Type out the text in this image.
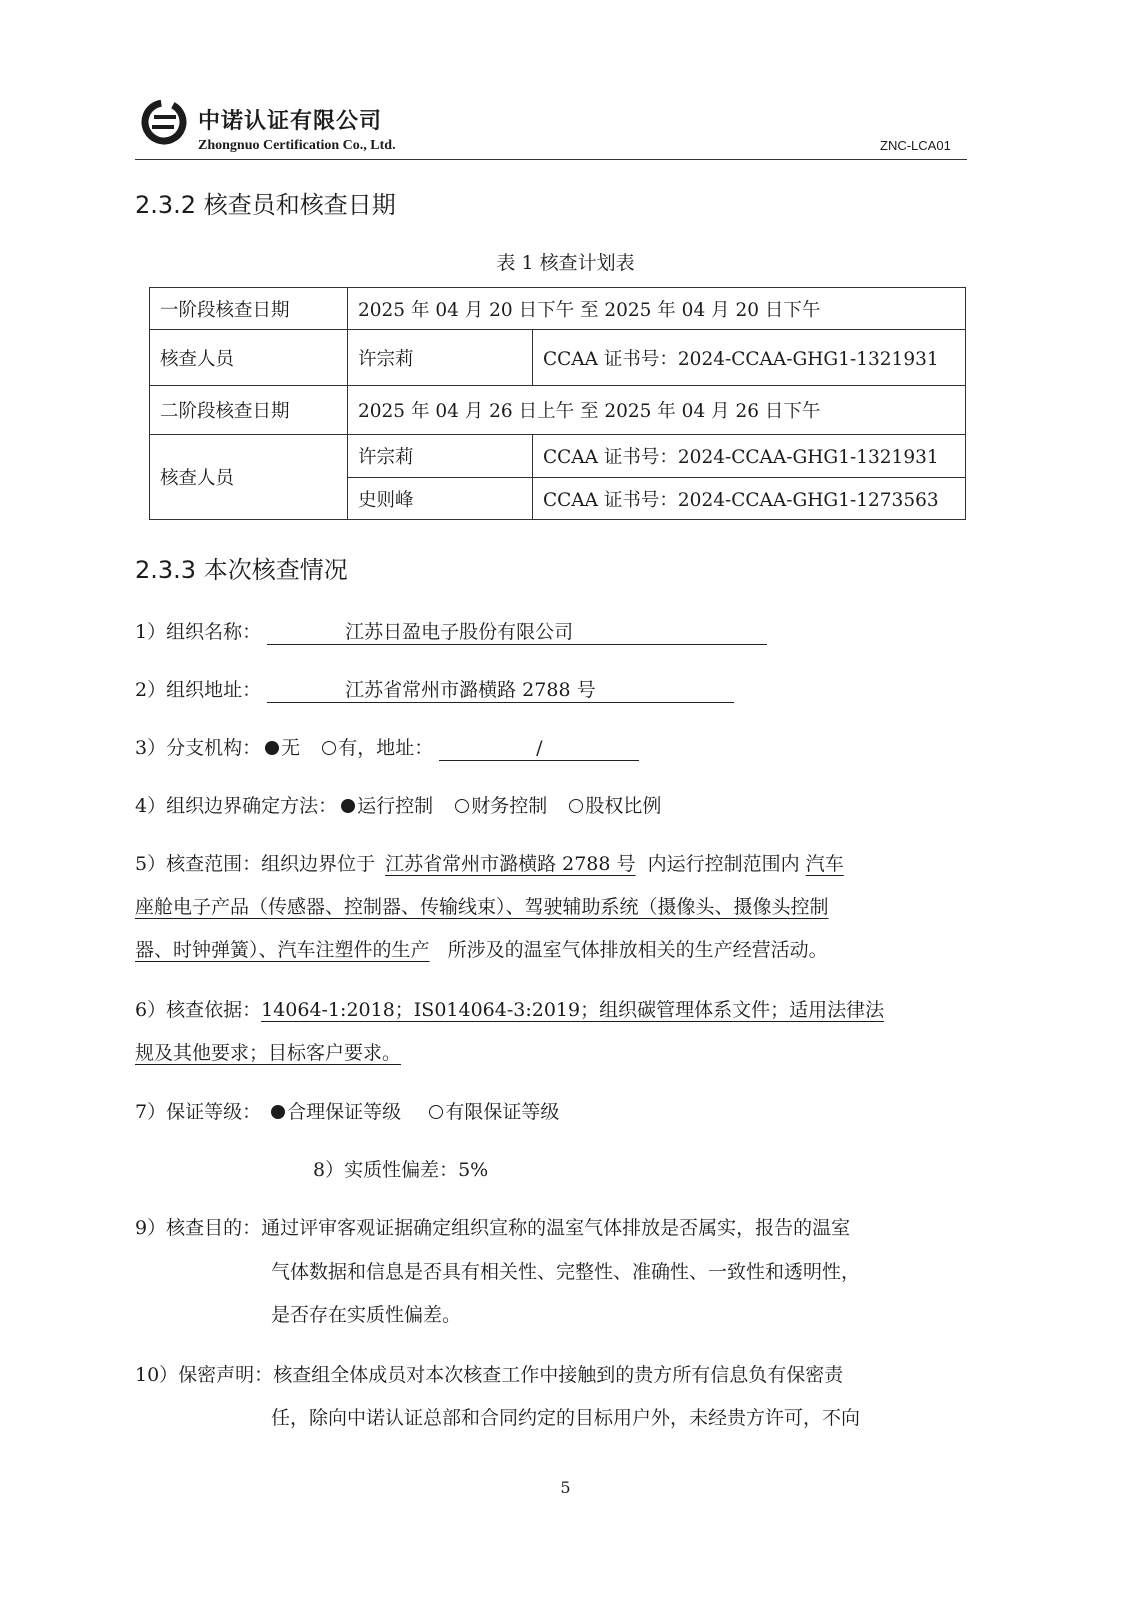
中诺认证有限公司
Zhongnuo Certification Co., Ltd.	ZNC-LCA01
2.3.2 核查员和核查日期
表 1 核查计划表
一阶段核查日期	2025 年 04 月 20 日下午 至 2025 年 04 月 20 日下午	
核查人员	许宗莉	CCAA 证书号：2024-CCAA-GHG1-1321931
二阶段核查日期	2025 年 04 月 26 日上午 至 2025 年 04 月 26 日下午	
核查人员	许宗莉	CCAA 证书号：2024-CCAA-GHG1-1321931
	史则峰	CCAA 证书号：2024-CCAA-GHG1-1273563
2.3.3 本次核查情况
1）组织名称：	江苏日盈电子股份有限公司
2）组织地址：	江苏省常州市潞横路 2788 号
3）分支机构： 无 有，地址：	/
4）组织边界确定方法： 运行控制 财务控制 股权比例
5）核查范围：组织边界位于 江苏省常州市潞横路 2788 号 内运行控制范围内 汽车
座舱电子产品（传感器、控制器、传输线束）、驾驶辅助系统（摄像头、摄像头控制
器、时钟弹簧）、汽车注塑件的生产 所涉及的温室气体排放相关的生产经营活动。
6）核查依据：14064-1:2018；IS014064-3:2019；组织碳管理体系文件；适用法律法
规及其他要求；目标客户要求。
7）保证等级： 合理保证等级 有限保证等级
8）实质性偏差：5%
9）核查目的：通过评审客观证据确定组织宣称的温室气体排放是否属实，报告的温室
气体数据和信息是否具有相关性、完整性、准确性、一致性和透明性，
是否存在实质性偏差。
10）保密声明：核查组全体成员对本次核查工作中接触到的贵方所有信息负有保密责
任，除向中诺认证总部和合同约定的目标用户外，未经贵方许可，不向
5
